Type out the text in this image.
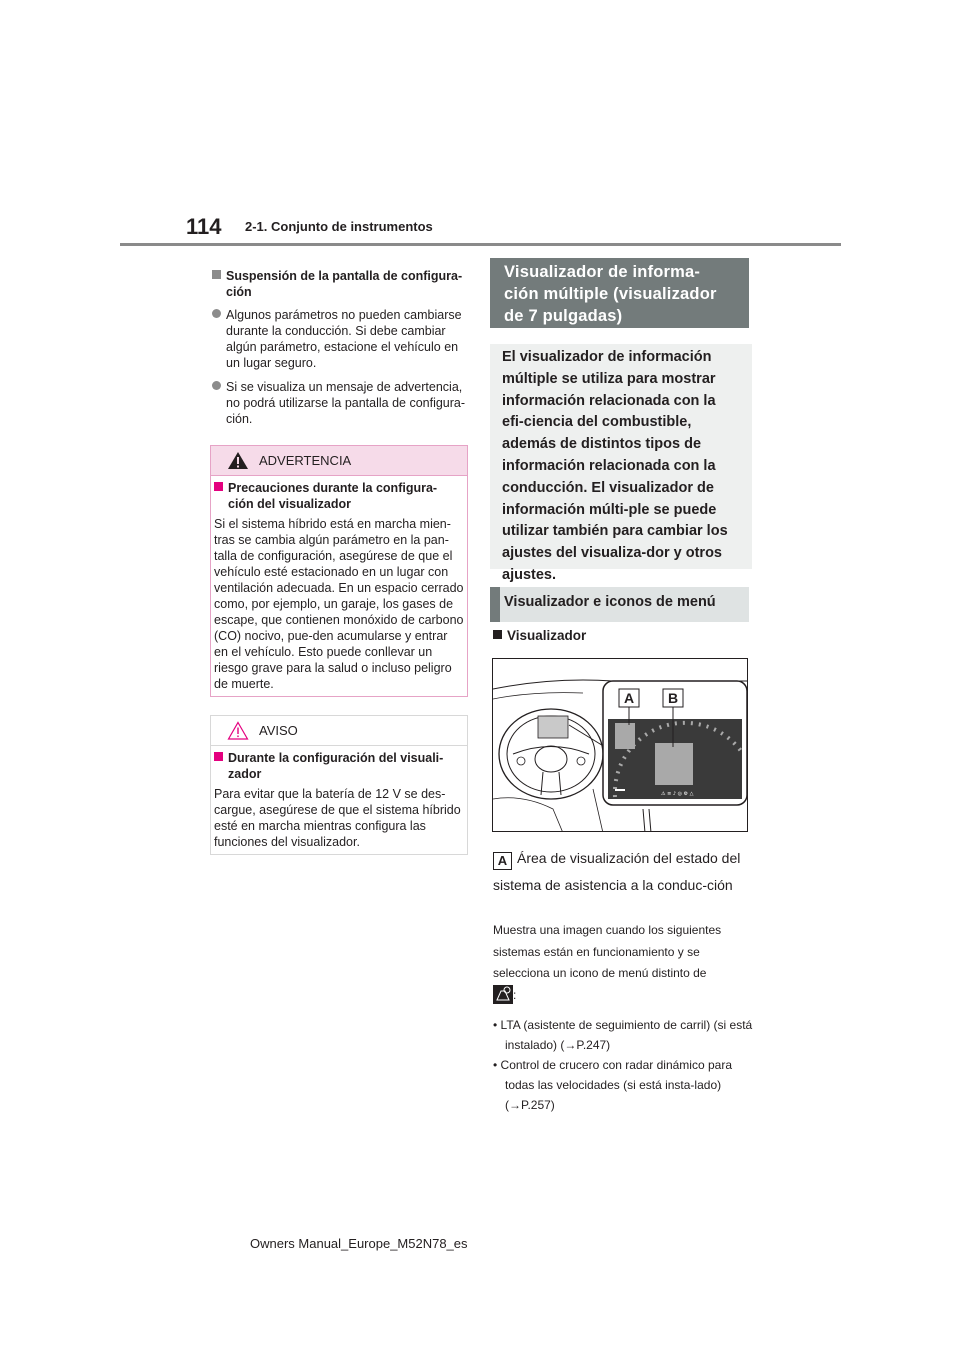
114 2-1. Conjunto de instrumentos
Suspensión de la pantalla de configura-
ción
Algunos parámetros no pueden cambiarse durante la conducción. Si debe cambiar algún parámetro, estacione el vehículo en un lugar seguro.
Si se visualiza un mensaje de advertencia, no podrá utilizarse la pantalla de configura-ción.
ADVERTENCIA
Precauciones durante la configura-
ción del visualizador
Si el sistema híbrido está en marcha mien-tras se cambia algún parámetro en la pan-talla de configuración, asegúrese de que el vehículo esté estacionado en un lugar con ventilación adecuada. En un espacio cerrado como, por ejemplo, un garaje, los gases de escape, que contienen monóxido de carbono (CO) nocivo, pue-den acumularse y entrar en el vehículo. Esto puede conllevar un riesgo grave para la salud o incluso peligro de muerte.
AVISO
Durante la configuración del visuali-
zador
Para evitar que la batería de 12 V se des-cargue, asegúrese de que el sistema híbrido esté en marcha mientras configura las funciones del visualizador.
Visualizador de informa-
ción múltiple (visualizador
de 7 pulgadas)
El visualizador de información múltiple se utiliza para mostrar información relacionada con la efi-ciencia del combustible, además de distintos tipos de información relacionada con la conducción. El visualizador de información múlti-ple se puede utilizar también para cambiar los ajustes del visualiza-dor y otros ajustes.
Visualizador e iconos de menú
Visualizador
⚠ ≡ ♪ ◎ ⚙ △
A B
A Área de visualización del estado del sistema de asistencia a la conduc-ción
Muestra una imagen cuando los siguientes sistemas están en funcionamiento y se selecciona un icono de menú distinto de
:
• LTA (asistente de seguimiento de carril) (si está instalado) (→P.247)
• Control de crucero con radar dinámico para todas las velocidades (si está insta-lado) (→P.257)
Owners Manual_Europe_M52N78_es
